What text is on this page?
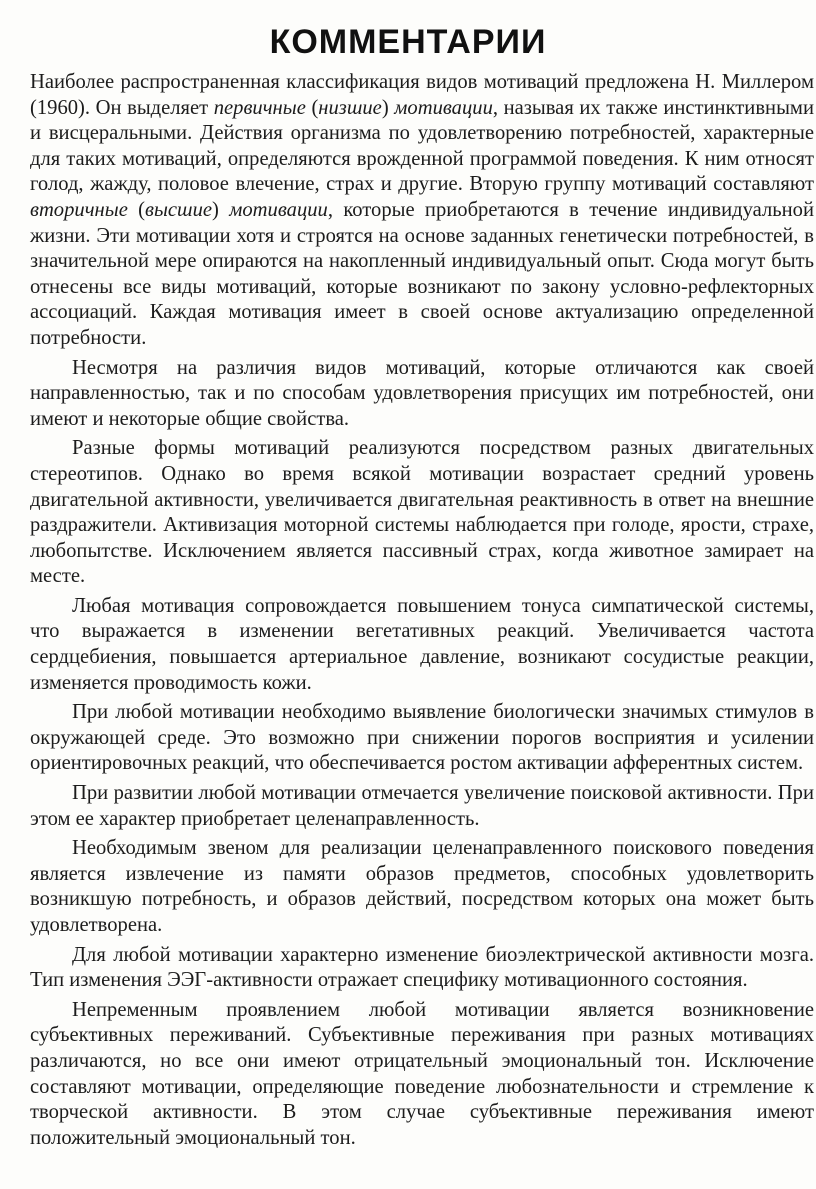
КОММЕНТАРИИ

Наиболее распространенная классификация видов мотиваций предложена Н. Миллером (1960). Он выделяет первичные (низшие) мотивации, называя их также инстинктивными и висцеральными. Действия организма по удовлетворению потребностей, характерные для таких мотиваций, определяются врожденной программой поведения. К ним относят голод, жажду, половое влечение, страх и другие. Вторую группу мотиваций составляют вторичные (высшие) мотивации, которые приобретаются в течение индивидуальной жизни. Эти мотивации хотя и строятся на основе заданных генетически потребностей, в значительной мере опираются на накопленный индивидуальный опыт. Сюда могут быть отнесены все виды мотиваций, которые возникают по закону условно-рефлекторных ассоциаций. Каждая мотивация имеет в своей основе актуализацию определенной потребности.

Несмотря на различия видов мотиваций, которые отличаются как своей направленностью, так и по способам удовлетворения присущих им потребностей, они имеют и некоторые общие свойства.

Разные формы мотиваций реализуются посредством разных двигательных стереотипов. Однако во время всякой мотивации возрастает средний уровень двигательной активности, увеличивается двигательная реактивность в ответ на внешние раздражители. Активизация моторной системы наблюдается при голоде, ярости, страхе, любопытстве. Исключением является пассивный страх, когда животное замирает на месте.

Любая мотивация сопровождается повышением тонуса симпатической системы, что выражается в изменении вегетативных реакций. Увеличивается частота сердцебиения, повышается артериальное давление, возникают сосудистые реакции, изменяется проводимость кожи.

При любой мотивации необходимо выявление биологически значимых стимулов в окружающей среде. Это возможно при снижении порогов восприятия и усилении ориентировочных реакций, что обеспечивается ростом активации афферентных систем.

При развитии любой мотивации отмечается увеличение поисковой активности. При этом ее характер приобретает целенаправленность.

Необходимым звеном для реализации целенаправленного поискового поведения является извлечение из памяти образов предметов, способных удовлетворить возникшую потребность, и образов действий, посредством которых она может быть удовлетворена.

Для любой мотивации характерно изменение биоэлектрической активности мозга. Тип изменения ЭЭГ-активности отражает специфику мотивационного состояния.

Непременным проявлением любой мотивации является возникновение субъективных переживаний. Субъективные переживания при разных мотивациях различаются, но все они имеют отрицательный эмоциональный тон. Исключение составляют мотивации, определяющие поведение любознательности и стремление к творческой активности. В этом случае субъективные переживания имеют положительный эмоциональный тон.
